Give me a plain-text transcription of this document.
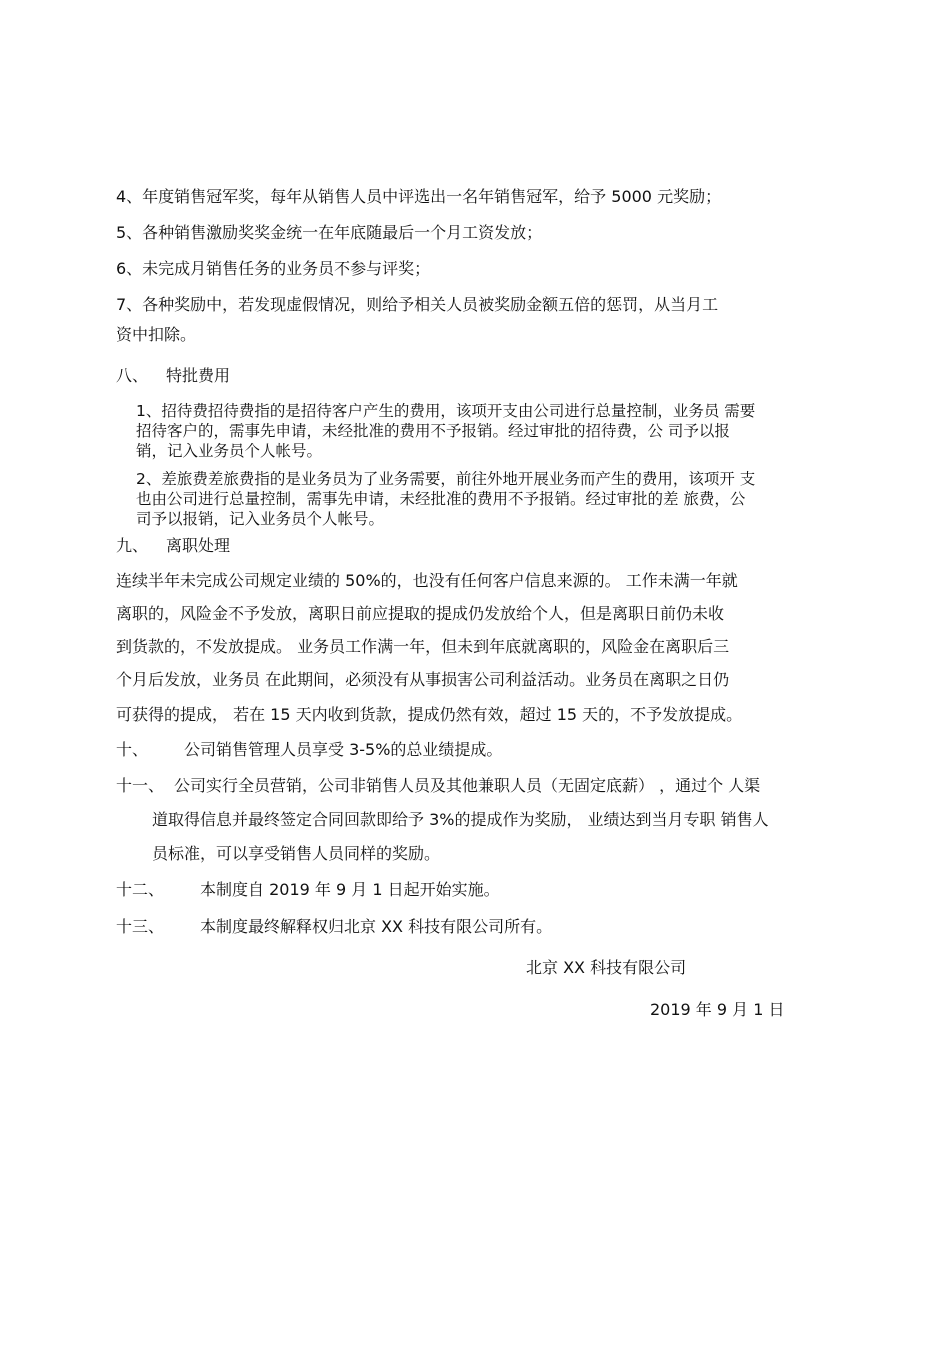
4、年度销售冠军奖，每年从销售人员中评选出一名年销售冠军，给予 5000 元奖励；
5、各种销售激励奖奖金统一在年底随最后一个月工资发放；
6、未完成月销售任务的业务员不参与评奖；
7、各种奖励中，若发现虚假情况，则给予相关人员被奖励金额五倍的惩罚，从当月工
资中扣除。
八、 特批费用
1、招待费招待费指的是招待客户产生的费用，该项开支由公司进行总量控制，业务员 需要
招待客户的，需事先申请，未经批准的费用不予报销。经过审批的招待费，公 司予以报
销，记入业务员个人帐号。
2、差旅费差旅费指的是业务员为了业务需要，前往外地开展业务而产生的费用，该项开 支
也由公司进行总量控制，需事先申请，未经批准的费用不予报销。经过审批的差 旅费，公
司予以报销，记入业务员个人帐号。
九、 离职处理
连续半年未完成公司规定业绩的 50%的，也没有任何客户信息来源的。 工作未满一年就
离职的，风险金不予发放，离职日前应提取的提成仍发放给个人，但是离职日前仍未收
到货款的，不发放提成。 业务员工作满一年，但未到年底就离职的，风险金在离职后三
个月后发放，业务员 在此期间，必须没有从事损害公司利益活动。业务员在离职之日仍
可获得的提成， 若在 15 天内收到货款，提成仍然有效，超过 15 天的，不予发放提成。
十、 公司销售管理人员享受 3-5%的总业绩提成。
十一、 公司实行全员营销，公司非销售人员及其他兼职人员（无固定底薪） ，通过个 人渠
道取得信息并最终签定合同回款即给予 3%的提成作为奖励， 业绩达到当月专职 销售人
员标准，可以享受销售人员同样的奖励。
十二、 本制度自 2019 年 9 月 1 日起开始实施。
十三、 本制度最终解释权归北京 XX 科技有限公司所有。
北京 XX 科技有限公司
2019 年 9 月 1 日
